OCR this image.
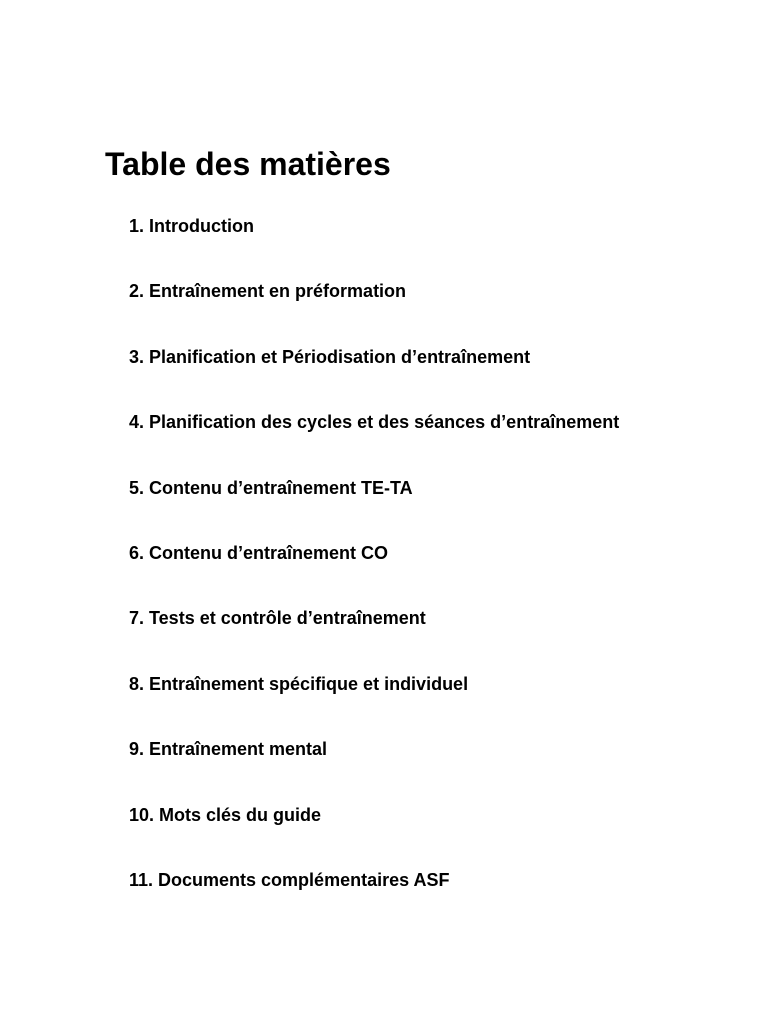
Table des matières
1. Introduction
2. Entraînement en préformation
3. Planification et Périodisation d’entraînement
4. Planification des cycles et des séances d’entraînement
5. Contenu d’entraînement TE-TA
6. Contenu d’entraînement CO
7. Tests et contrôle d’entraînement
8. Entraînement spécifique et individuel
9. Entraînement mental
10. Mots clés du guide
11. Documents complémentaires ASF
